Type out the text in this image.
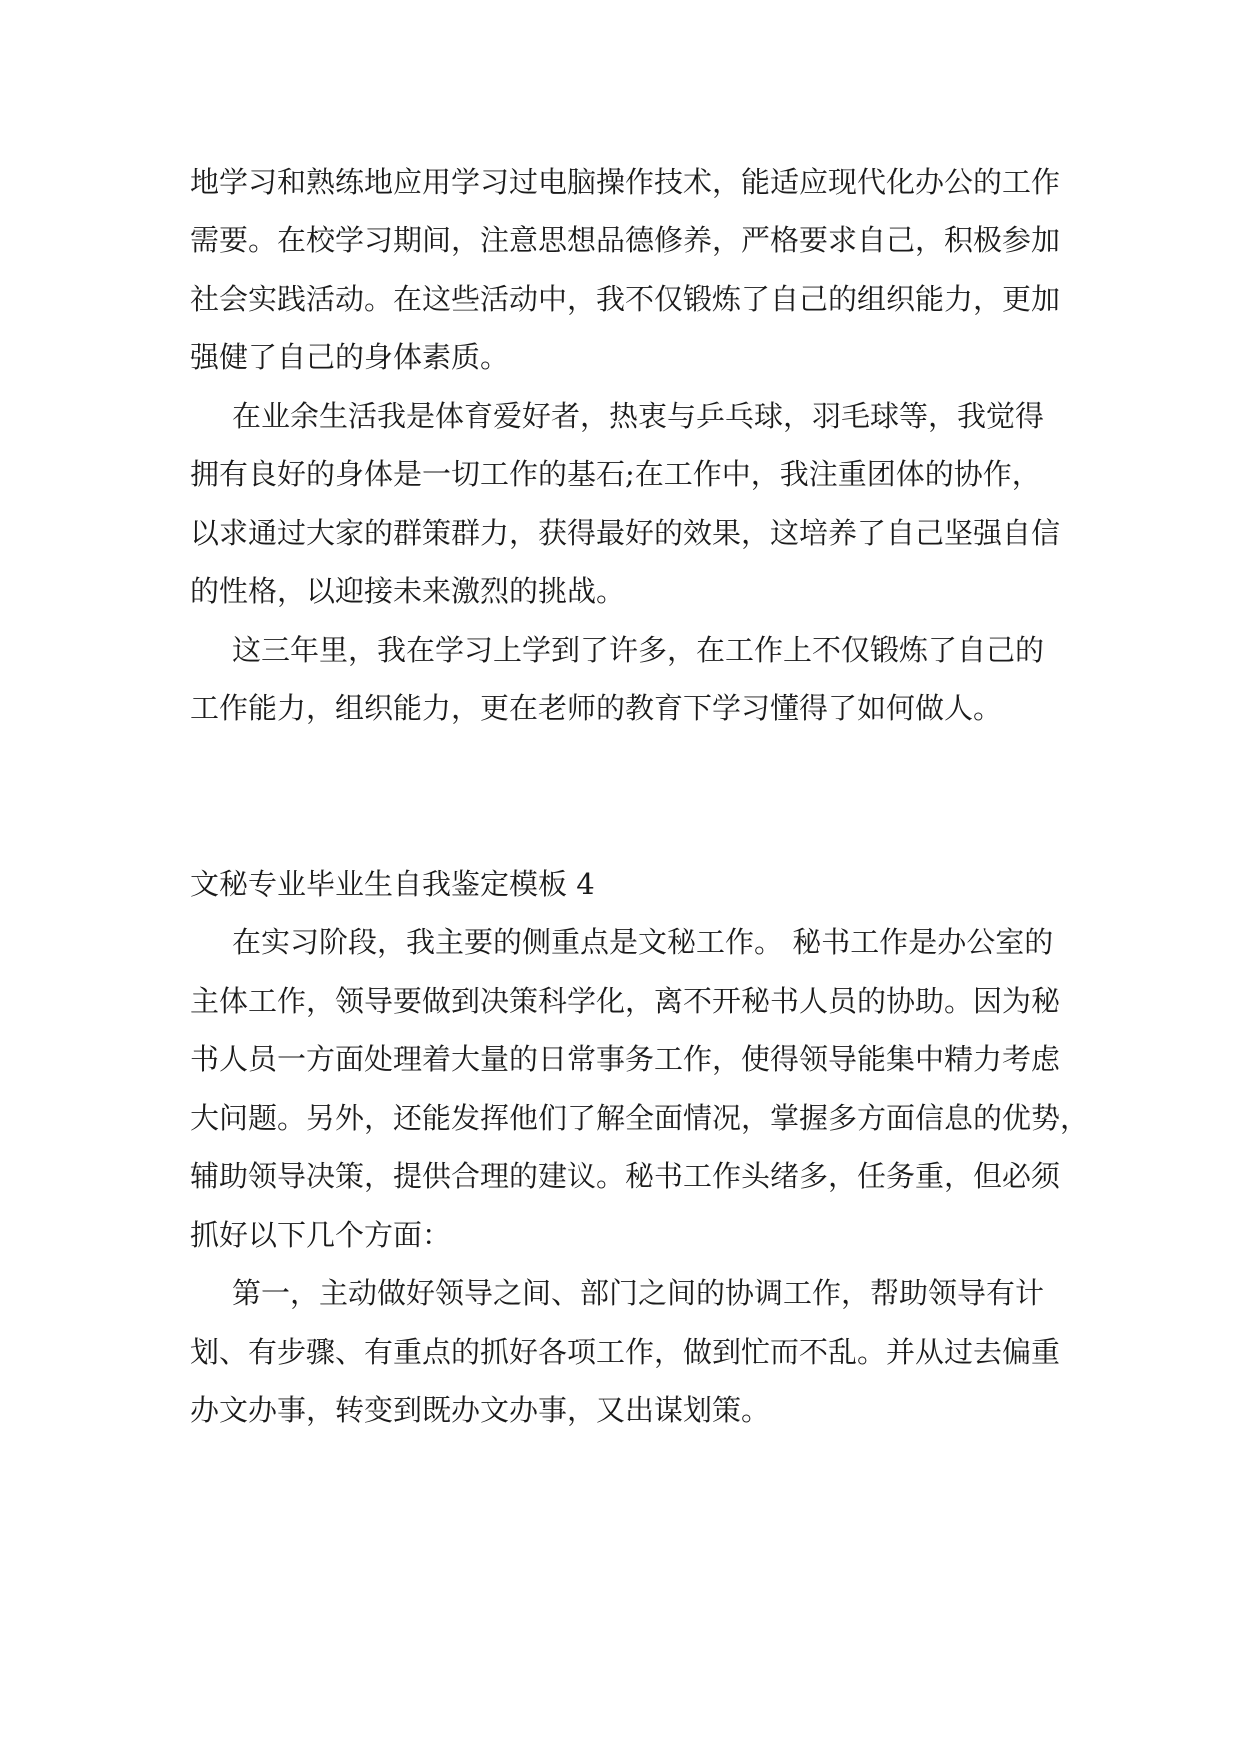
地学习和熟练地应用学习过电脑操作技术，能适应现代化办公的工作
需要。在校学习期间，注意思想品德修养，严格要求自己，积极参加
社会实践活动。在这些活动中，我不仅锻炼了自己的组织能力，更加
强健了自己的身体素质。
在业余生活我是体育爱好者，热衷与乒乓球，羽毛球等，我觉得
拥有良好的身体是一切工作的基石;在工作中，我注重团体的协作，
以求通过大家的群策群力，获得最好的效果，这培养了自己坚强自信
的性格，以迎接未来激烈的挑战。
这三年里，我在学习上学到了许多，在工作上不仅锻炼了自己的
工作能力，组织能力，更在老师的教育下学习懂得了如何做人。
文秘专业毕业生自我鉴定模板 4
在实习阶段，我主要的侧重点是文秘工作。 秘书工作是办公室的
主体工作，领导要做到决策科学化，离不开秘书人员的协助。因为秘
书人员一方面处理着大量的日常事务工作，使得领导能集中精力考虑
大问题。另外，还能发挥他们了解全面情况，掌握多方面信息的优势，
辅助领导决策，提供合理的建议。秘书工作头绪多，任务重，但必须
抓好以下几个方面：
第一，主动做好领导之间、部门之间的协调工作，帮助领导有计
划、有步骤、有重点的抓好各项工作，做到忙而不乱。并从过去偏重
办文办事，转变到既办文办事，又出谋划策。
